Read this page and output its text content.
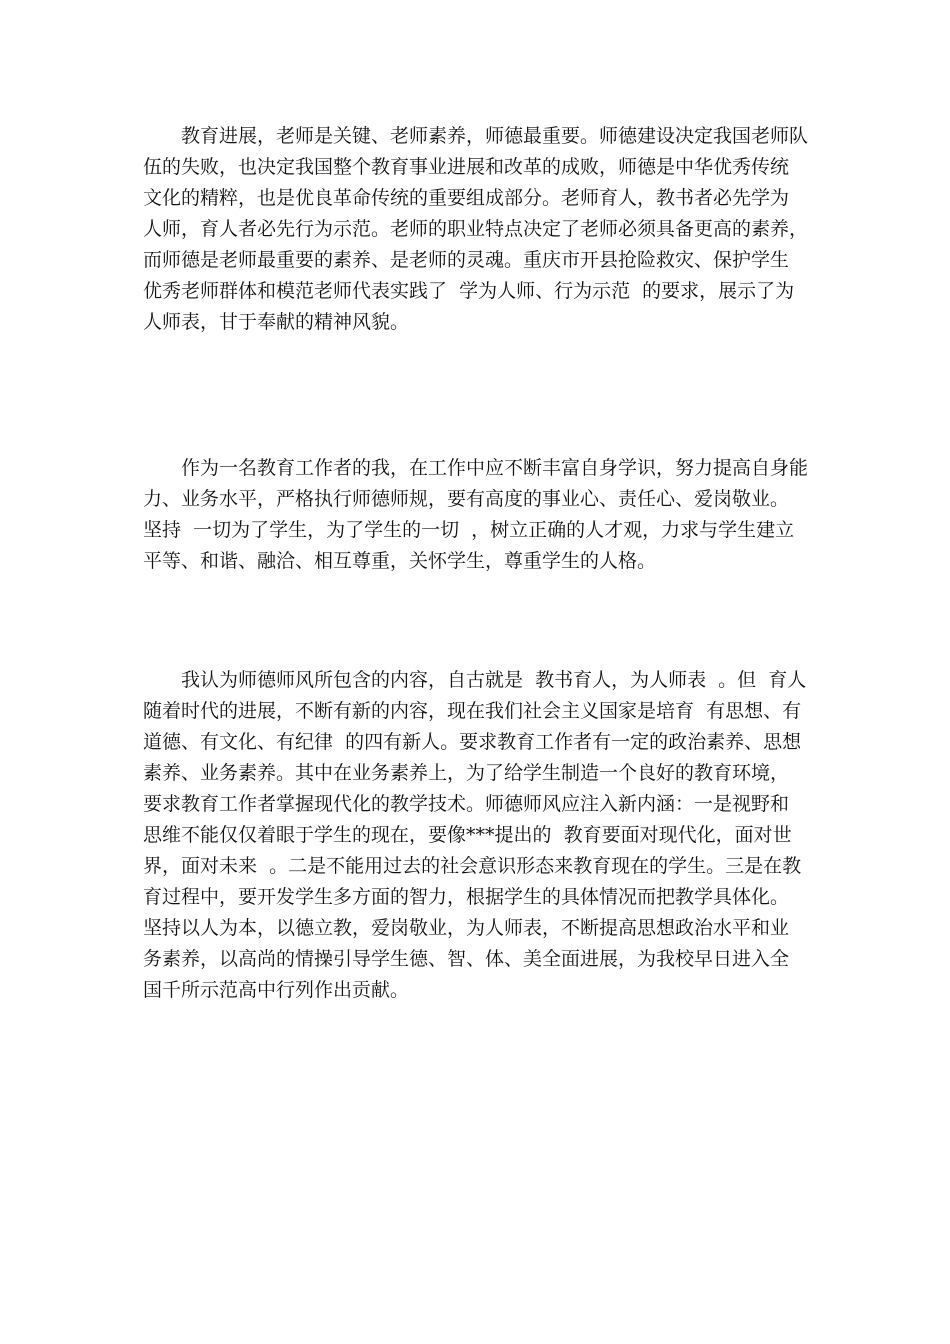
　　教育进展，老师是关键、老师素养，师德最重要。师德建设决定我国老师队
伍的失败，也决定我国整个教育事业进展和改革的成败，师德是中华优秀传统
文化的精粹，也是优良革命传统的重要组成部分。老师育人，教书者必先学为
人师，育人者必先行为示范。老师的职业特点决定了老师必须具备更高的素养，
而师德是老师最重要的素养、是老师的灵魂。重庆市开县抢险救灾、保护学生
优秀老师群体和模范老师代表实践了  学为人师、行为示范  的要求，展示了为
人师表，甘于奉献的精神风貌。

　　作为一名教育工作者的我，在工作中应不断丰富自身学识，努力提高自身能
力、业务水平，严格执行师德师规，要有高度的事业心、责任心、爱岗敬业。
坚持  一切为了学生，为了学生的一切  ，树立正确的人才观，力求与学生建立
平等、和谐、融洽、相互尊重，关怀学生，尊重学生的人格。

　　我认为师德师风所包含的内容，自古就是  教书育人，为人师表  。但  育人
随着时代的进展，不断有新的内容，现在我们社会主义国家是培育  有思想、有
道德、有文化、有纪律  的四有新人。要求教育工作者有一定的政治素养、思想
素养、业务素养。其中在业务素养上，为了给学生制造一个良好的教育环境，
要求教育工作者掌握现代化的教学技术。师德师风应注入新内涵：一是视野和
思维不能仅仅着眼于学生的现在，要像***提出的  教育要面对现代化，面对世
界，面对未来  。二是不能用过去的社会意识形态来教育现在的学生。三是在教
育过程中，要开发学生多方面的智力，根据学生的具体情况而把教学具体化。
坚持以人为本，以德立教，爱岗敬业，为人师表，不断提高思想政治水平和业
务素养，以高尚的情操引导学生德、智、体、美全面进展，为我校早日进入全
国千所示范高中行列作出贡献。
